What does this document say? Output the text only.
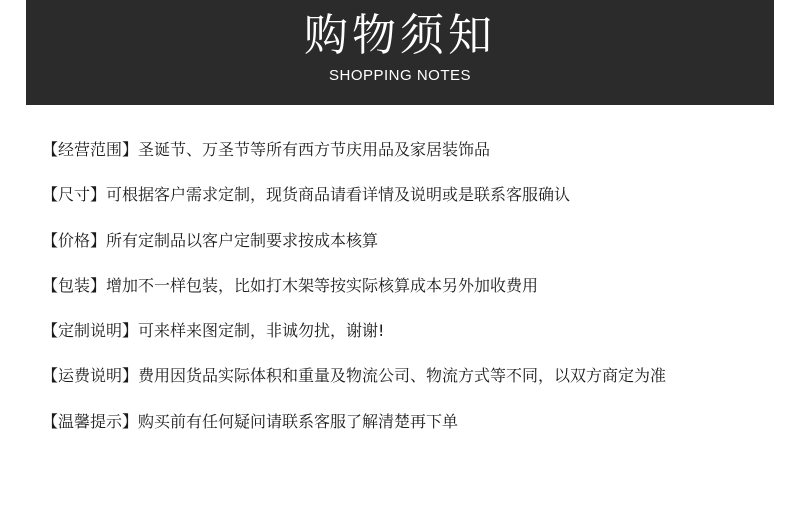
购物须知
SHOPPING NOTES
【经营范围】圣诞节、万圣节等所有西方节庆用品及家居装饰品
【尺寸】可根据客户需求定制，现货商品请看详情及说明或是联系客服确认
【价格】所有定制品以客户定制要求按成本核算
【包装】增加不一样包装，比如打木架等按实际核算成本另外加收费用
【定制说明】可来样来图定制，非诚勿扰，谢谢!
【运费说明】费用因货品实际体积和重量及物流公司、物流方式等不同，以双方商定为准
【温馨提示】购买前有任何疑问请联系客服了解清楚再下单
